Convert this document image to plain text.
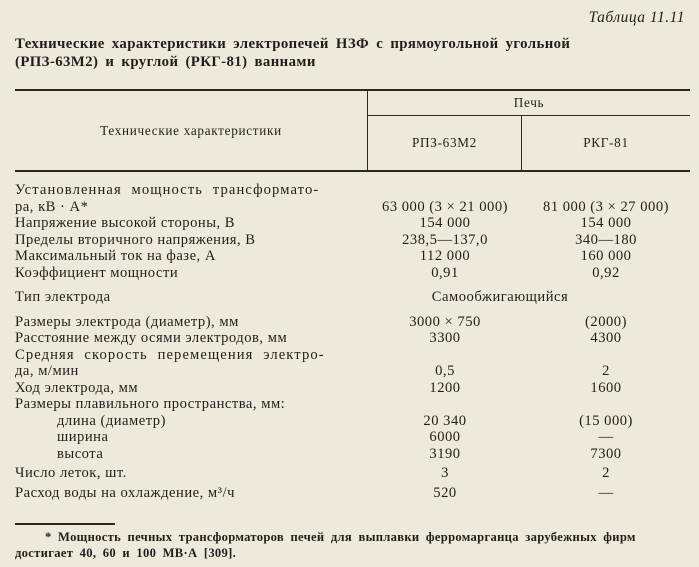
Таблица 11.11
Технические характеристики электропечей НЗФ с прямоугольной угольной
(РПЗ-63М2) и круглой (РКГ-81) ваннами
Технические характеристики
Печь
РПЗ-63М2	РКГ-81
Установленная мощность трансформато-
ра, кВ · А*	63 000 (3 × 21 000)	81 000 (3 × 27 000)
Напряжение высокой стороны, В	154 000	154 000
Пределы вторичного напряжения, В	238,5—137,0	340—180
Максимальный ток на фазе, А	112 000	160 000
Коэффициент мощности	0,91	0,92
Тип электрода	Самообжигающийся
Размеры электрода (диаметр), мм	3000 × 750	(2000)
Расстояние между осями электродов, мм	3300	4300
Средняя скорость перемещения электро-
да, м/мин	0,5	2
Ход электрода, мм	1200	1600
Размеры плавильного пространства, мм:
длина (диаметр)	20 340	(15 000)
ширина	6000	—
высота	3190	7300
Число леток, шт.	3	2
Расход воды на охлаждение, м³/ч	520	—
* Мощность печных трансформаторов печей для выплавки ферромарганца зарубежных фирм достигает 40, 60 и 100 МВ·А [309].
